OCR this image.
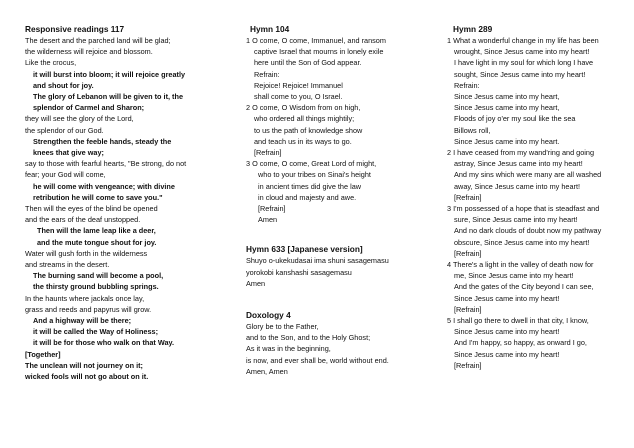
Responsive readings 117
The desert and the parched land will be glad;
the wilderness will rejoice and blossom.
Like the crocus,
it will burst into bloom; it will rejoice greatly
and shout for joy.
The glory of Lebanon will be given to it, the
splendor of Carmel and Sharon;
they will see the glory of the Lord,
the splendor of our God.
Strengthen the feeble hands, steady the
knees that give way;
say to those with fearful hearts, "Be strong, do not
fear; your God will come,
he will come with vengeance; with divine
retribution he will come to save you."
Then will the eyes of the blind be opened
and the ears of the deaf unstopped.
Then will the lame leap like a deer,
and the mute tongue shout for joy.
Water will gush forth in the wilderness
and streams in the desert.
The burning sand will become a pool,
the thirsty ground bubbling springs.
In the haunts where jackals once lay,
grass and reeds and papyrus will grow.
And a highway will be there;
it will be called the Way of Holiness;
it will be for those who walk on that Way.
[Together]
The unclean will not journey on it;
wicked fools will not go about on it.
Hymn 104
1 O come, O come, Immanuel, and ransom
captive Israel that mourns in lonely exile
here until the Son of God appear.
Refrain:
Rejoice! Rejoice! Immanuel
shall come to you, O Israel.
2 O come, O Wisdom from on high,
who ordered all things mightily;
to us the path of knowledge show
and teach us in its ways to go.
[Refrain]
3 O come, O come, Great Lord of might,
who to your tribes on Sinai's height
in ancient times did give the law
in cloud and majesty and awe.
[Refrain]
Amen
Hymn 633 [Japanese version]
Shuyo o-ukekudasai ima shuni sasagemasu
yorokobi kanshashi sasagemasu
Amen
Doxology 4
Glory be to the Father,
and to the Son, and to the Holy Ghost;
As it was in the beginning,
is now, and ever shall be, world without end.
Amen, Amen
Hymn 289
1 What a wonderful change in my life has been
wrought, Since Jesus came into my heart!
I have light in my soul for which long I have
sought, Since Jesus came into my heart!
Refrain:
Since Jesus came into my heart,
Since Jesus came into my heart,
Floods of joy o'er my soul like the sea
Billows roll,
Since Jesus came into my heart.
2 I have ceased from my wand'ring and going
astray, Since Jesus came into my heart!
And my sins which were many are all washed
away, Since Jesus came into my heart!
[Refrain]
3 I'm possessed of a hope that is steadfast and
sure, Since Jesus came into my heart!
And no dark clouds of doubt now my pathway
obscure, Since Jesus came into my heart!
[Refrain]
4 There's a light in the valley of death now for
me, Since Jesus came into my heart!
And the gates of the City beyond I can see,
Since Jesus came into my heart!
[Refrain]
5 I shall go there to dwell in that city, I know,
Since Jesus came into my heart!
And I'm happy, so happy, as onward I go,
Since Jesus came into my heart!
[Refrain]
